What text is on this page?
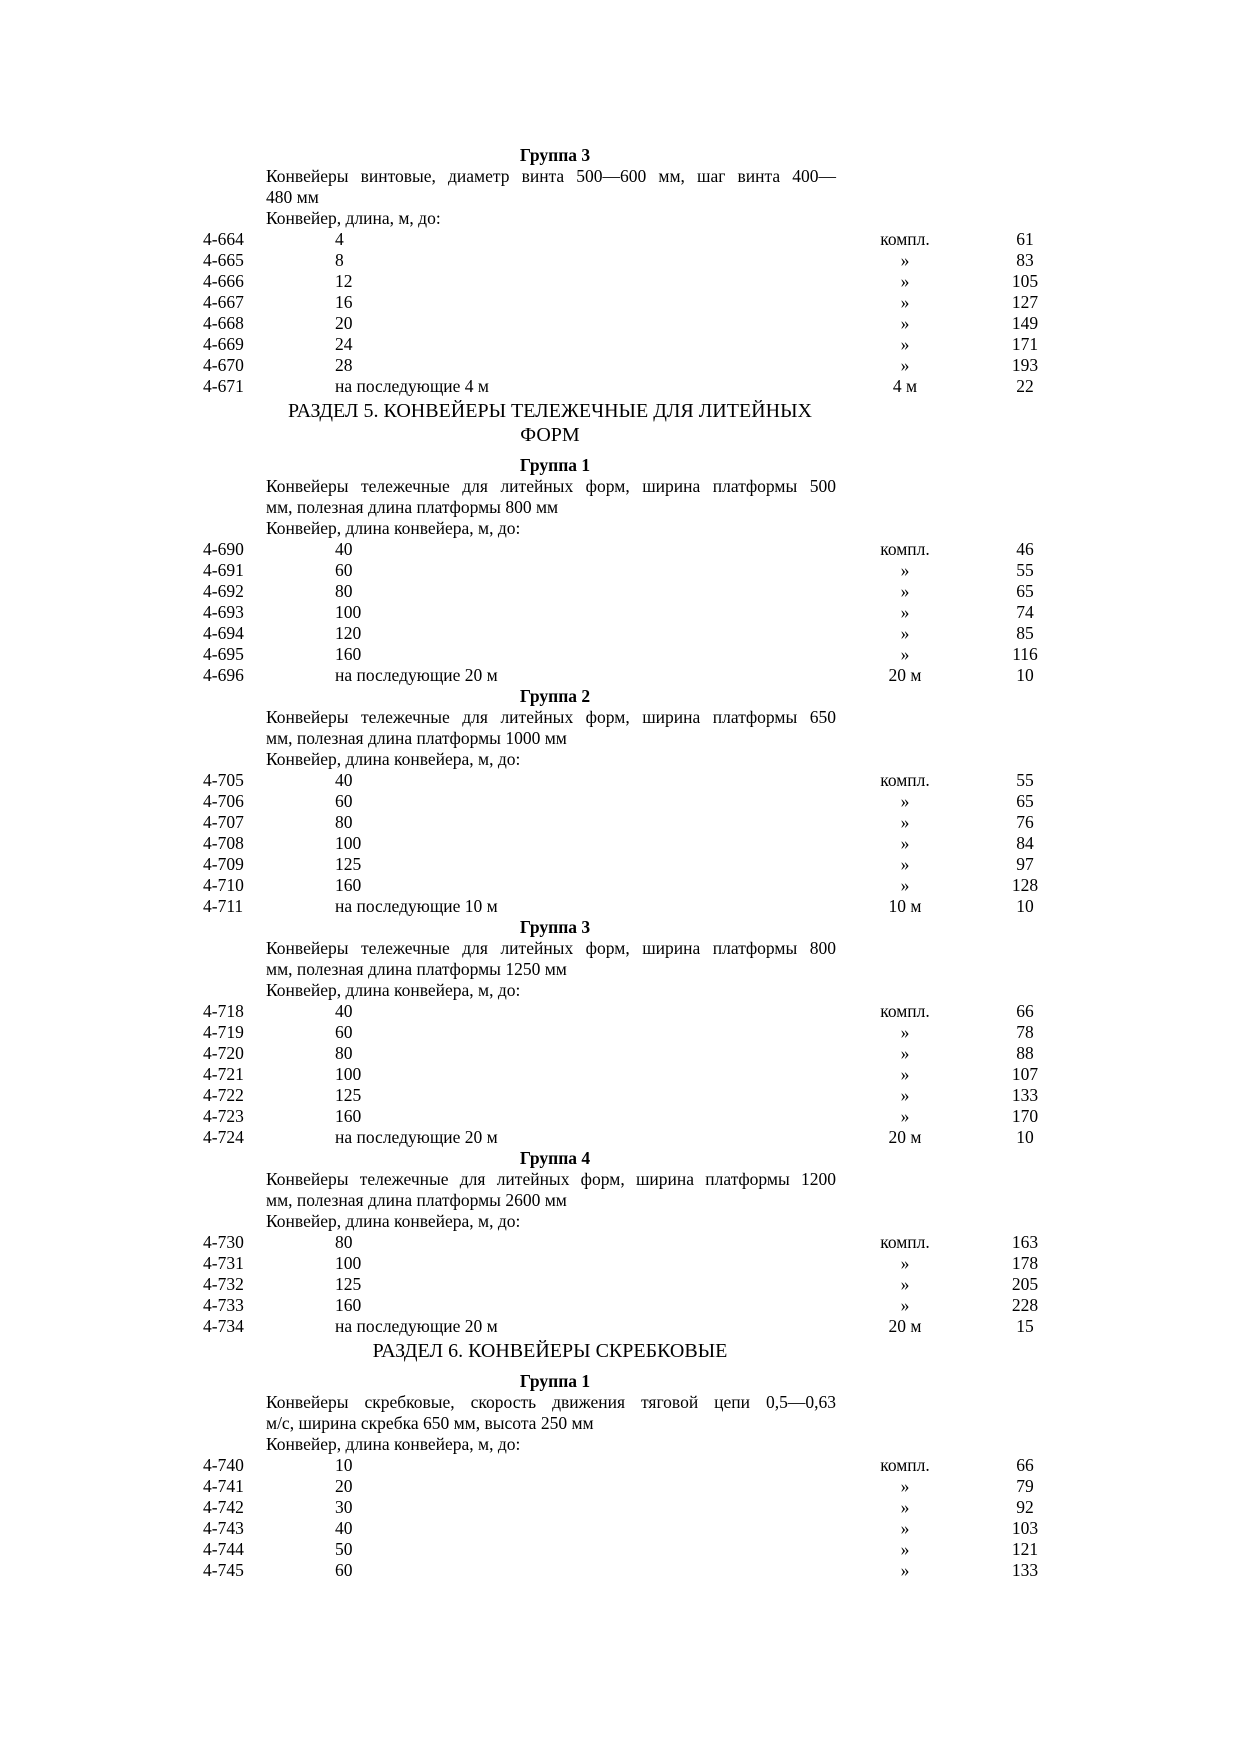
Группа 3
Конвейеры винтовые, диаметр винта 500—600 мм, шаг винта 400—
480 мм
Конвейер, длина, м, до:
4-664	4	компл.	61
4-665	8	»	83
4-666	12	»	105
4-667	16	»	127
4-668	20	»	149
4-669	24	»	171
4-670	28	»	193
4-671	на последующие 4 м	4 м	22
РАЗДЕЛ 5. КОНВЕЙЕРЫ ТЕЛЕЖЕЧНЫЕ ДЛЯ ЛИТЕЙНЫХ ФОРМ
Группа 1
Конвейеры тележечные для литейных форм, ширина платформы 500
мм, полезная длина платформы 800 мм
Конвейер, длина конвейера, м, до:
4-690	40	компл.	46
4-691	60	»	55
4-692	80	»	65
4-693	100	»	74
4-694	120	»	85
4-695	160	»	116
4-696	на последующие 20 м	20 м	10
Группа 2
Конвейеры тележечные для литейных форм, ширина платформы 650
мм, полезная длина платформы 1000 мм
Конвейер, длина конвейера, м, до:
4-705	40	компл.	55
4-706	60	»	65
4-707	80	»	76
4-708	100	»	84
4-709	125	»	97
4-710	160	»	128
4-711	на последующие 10 м	10 м	10
Группа 3
Конвейеры тележечные для литейных форм, ширина платформы 800
мм, полезная длина платформы 1250 мм
Конвейер, длина конвейера, м, до:
4-718	40	компл.	66
4-719	60	»	78
4-720	80	»	88
4-721	100	»	107
4-722	125	»	133
4-723	160	»	170
4-724	на последующие 20 м	20 м	10
Группа 4
Конвейеры тележечные для литейных форм, ширина платформы 1200
мм, полезная длина платформы 2600 мм
Конвейер, длина конвейера, м, до:
4-730	80	компл.	163
4-731	100	»	178
4-732	125	»	205
4-733	160	»	228
4-734	на последующие 20 м	20 м	15
РАЗДЕЛ 6. КОНВЕЙЕРЫ СКРЕБКОВЫЕ
Группа 1
Конвейеры скребковые, скорость движения тяговой цепи 0,5—0,63
м/с, ширина скребка 650 мм, высота 250 мм
Конвейер, длина конвейера, м, до:
4-740	10	компл.	66
4-741	20	»	79
4-742	30	»	92
4-743	40	»	103
4-744	50	»	121
4-745	60	»	133
